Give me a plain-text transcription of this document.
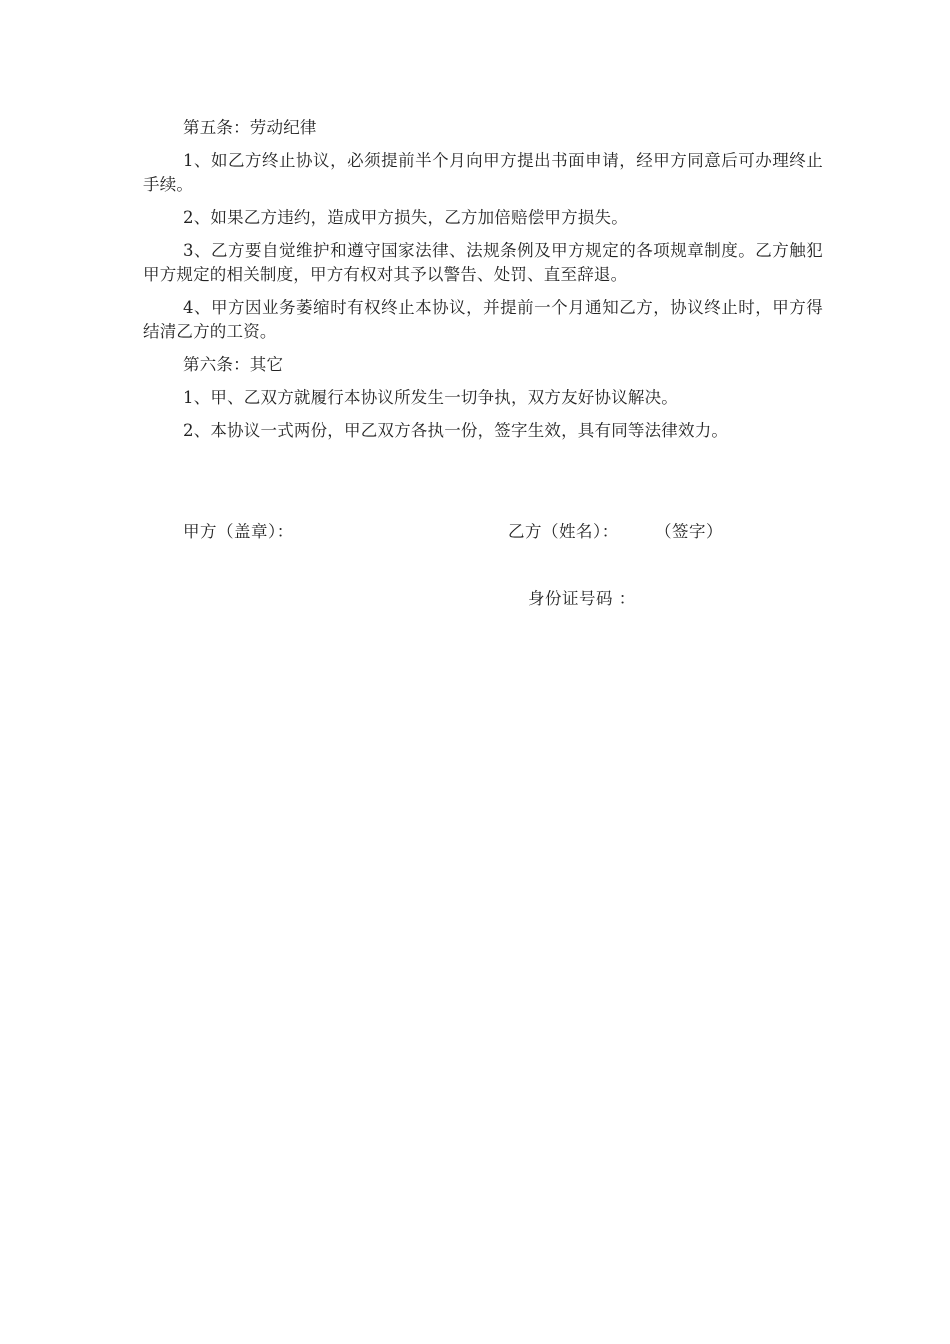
第五条：劳动纪律

1、如乙方终止协议，必须提前半个月向甲方提出书面申请，经甲方同意后可办理终止手续。

2、如果乙方违约，造成甲方损失，乙方加倍赔偿甲方损失。

3、乙方要自觉维护和遵守国家法律、法规条例及甲方规定的各项规章制度。乙方触犯甲方规定的相关制度，甲方有权对其予以警告、处罚、直至辞退。

4、甲方因业务萎缩时有权终止本协议，并提前一个月通知乙方，协议终止时，甲方得结清乙方的工资。

第六条：其它

1、甲、乙双方就履行本协议所发生一切争执，双方友好协议解决。

2、本协议一式两份，甲乙双方各执一份，签字生效，具有同等法律效力。

甲方（盖章）：	乙方（姓名）： （签字）
身份证号码 ：
